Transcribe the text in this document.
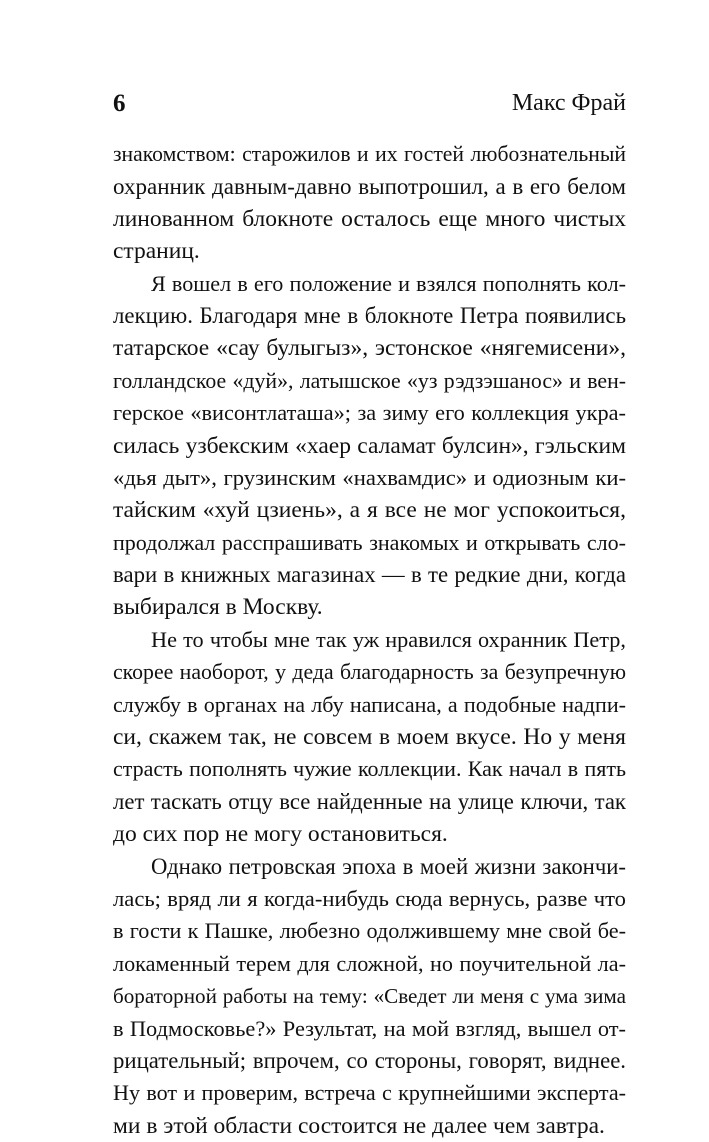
6	Макс Фрай
знакомством: старожилов и их гостей любознательный
охранник давным-давно выпотрошил, а в его белом
линованном блокноте осталось еще много чистых
страниц.
Я вошел в его положение и взялся пополнять кол-
лекцию. Благодаря мне в блокноте Петра появились
татарское «сау булыгыз», эстонское «нягемисени»,
голландское «дуй», латышское «уз рэдзэшанос» и вен-
герское «висонтлаташа»; за зиму его коллекция укра-
силась узбекским «хаер саламат булсин», гэльским
«дья дыт», грузинским «нахвамдис» и одиозным ки-
тайским «хуй цзиень», а я все не мог успокоиться,
продолжал расспрашивать знакомых и открывать сло-
вари в книжных магазинах — в те редкие дни, когда
выбирался в Москву.
Не то чтобы мне так уж нравился охранник Петр,
скорее наоборот, у деда благодарность за безупречную
службу в органах на лбу написана, а подобные надпи-
си, скажем так, не совсем в моем вкусе. Но у меня
страсть пополнять чужие коллекции. Как начал в пять
лет таскать отцу все найденные на улице ключи, так
до сих пор не могу остановиться.
Однако петровская эпоха в моей жизни закончи-
лась; вряд ли я когда-нибудь сюда вернусь, разве что
в гости к Пашке, любезно одолжившему мне свой бе-
локаменный терем для сложной, но поучительной ла-
бораторной работы на тему: «Сведет ли меня с ума зима
в Подмосковье?» Результат, на мой взгляд, вышел от-
рицательный; впрочем, со стороны, говорят, виднее.
Ну вот и проверим, встреча с крупнейшими эксперта-
ми в этой области состоится не далее чем завтра.
